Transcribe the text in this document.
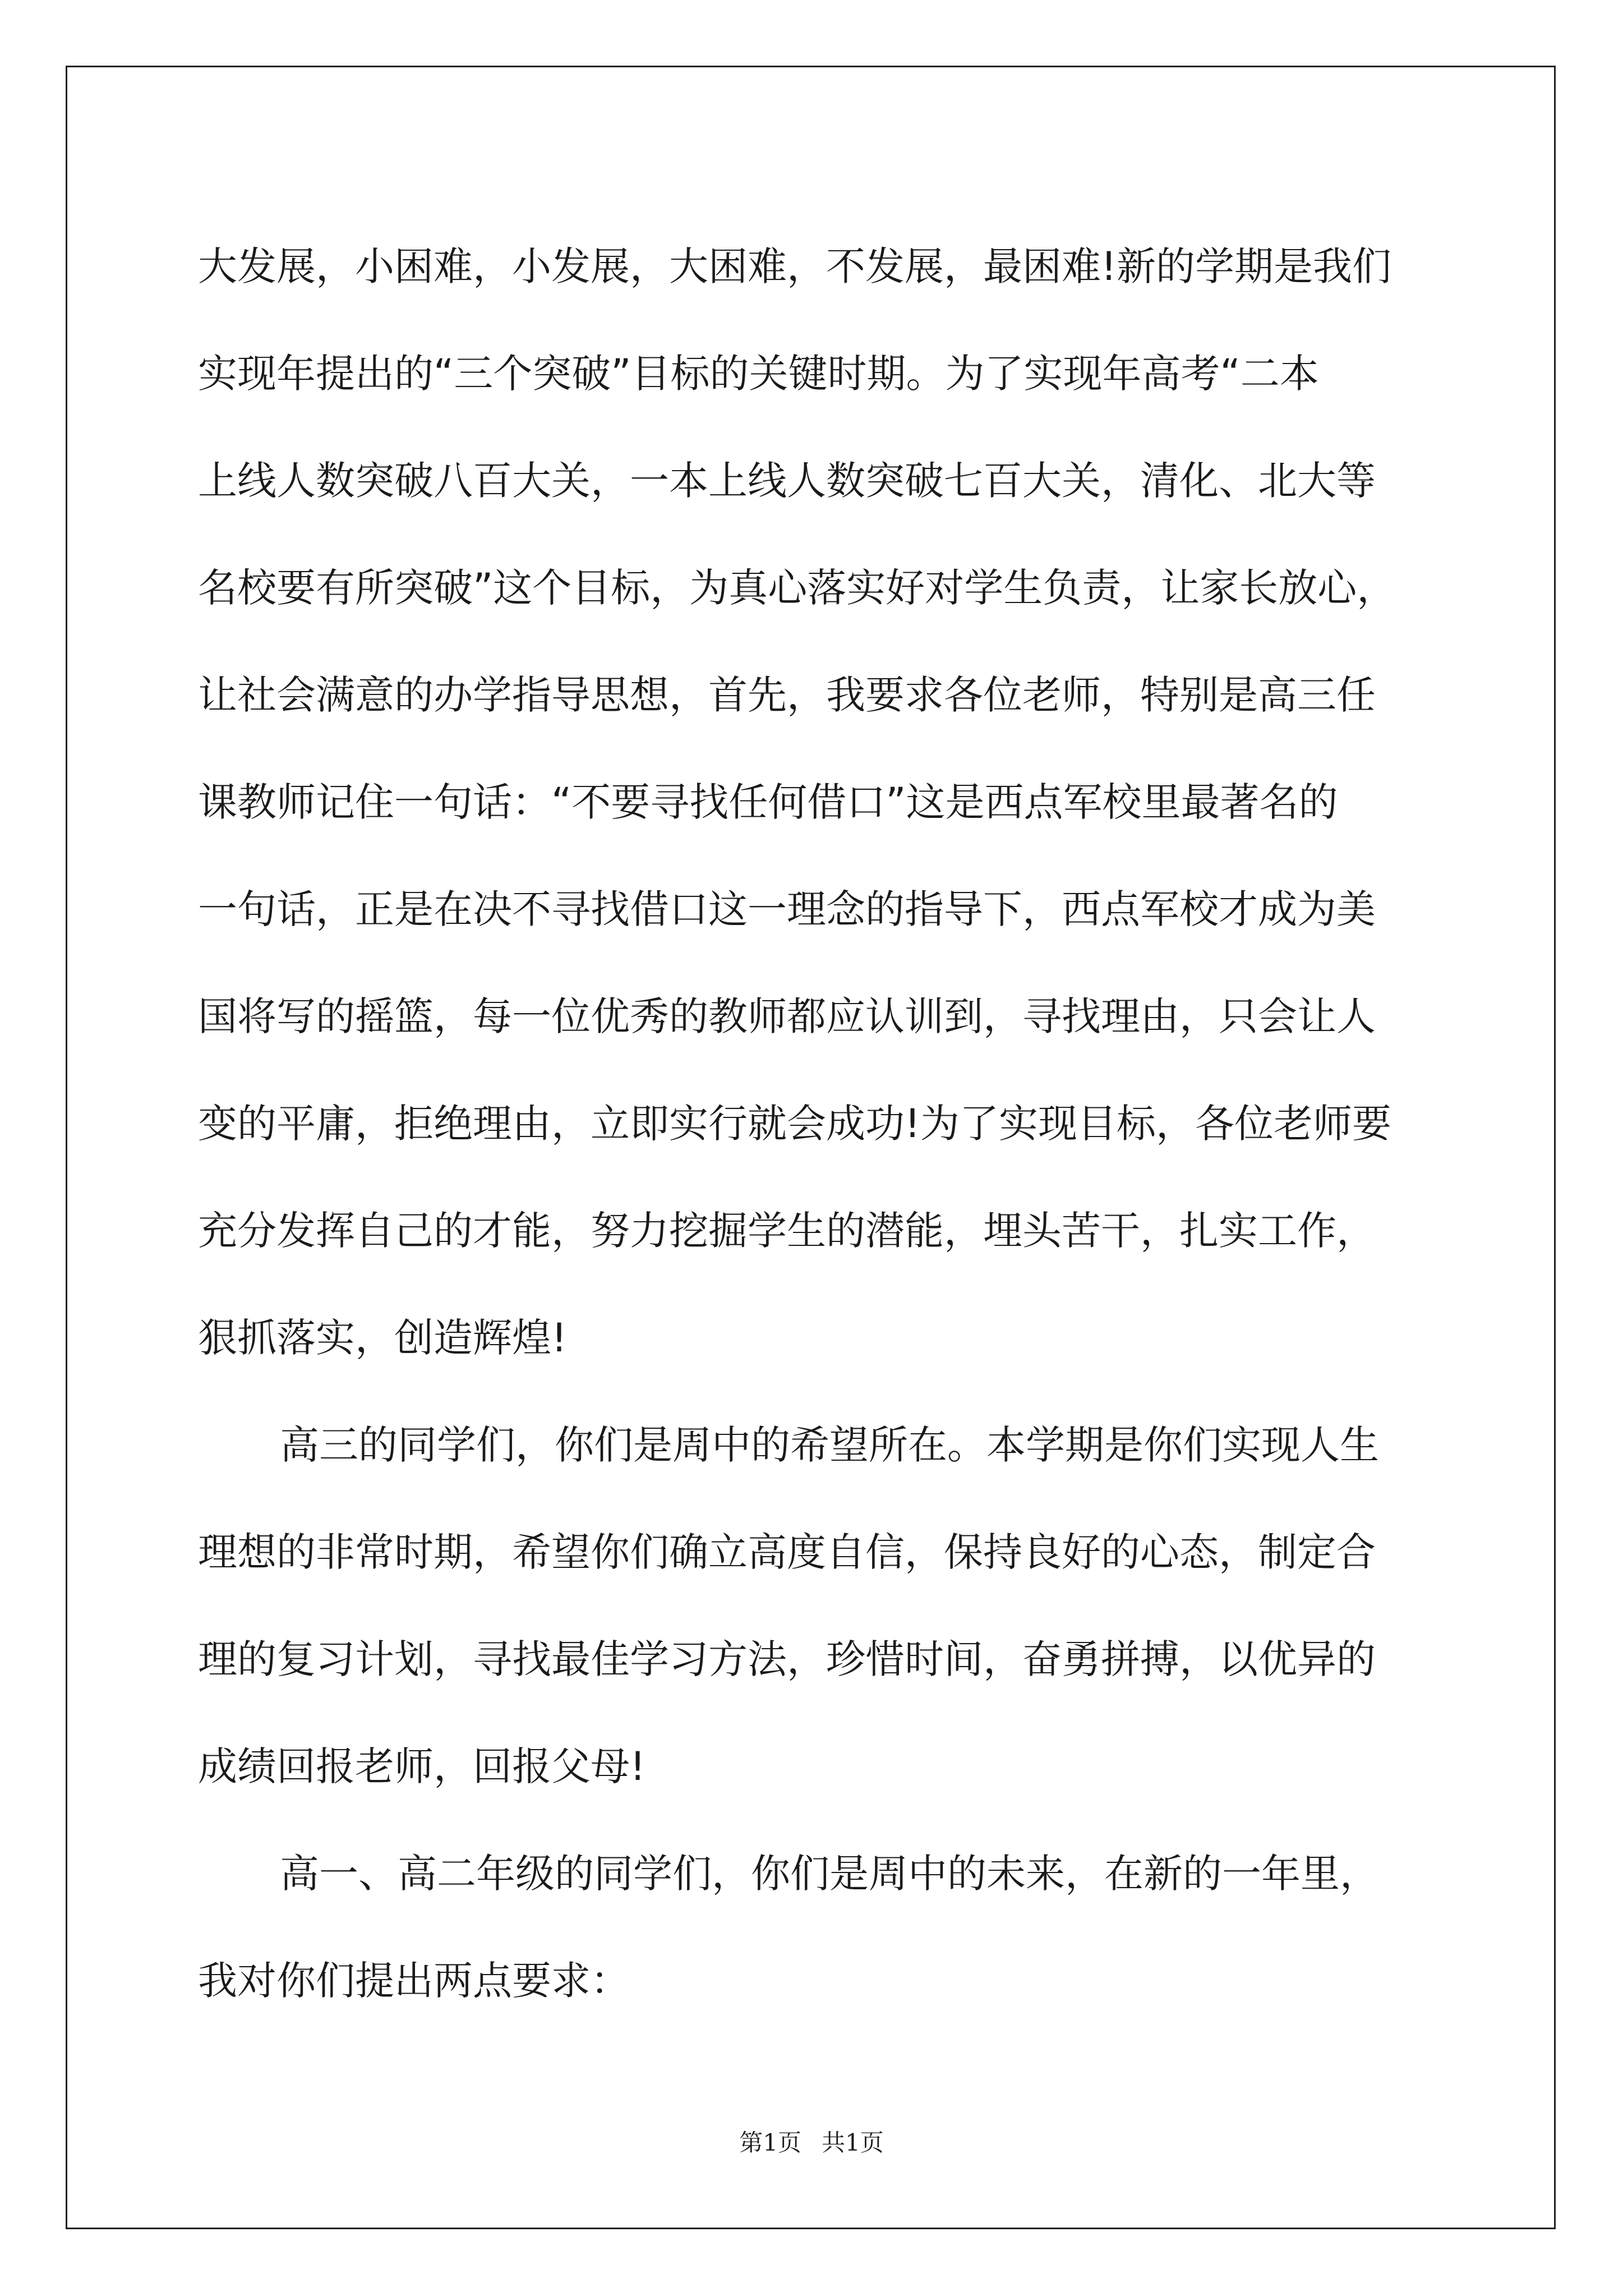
大发展，小困难，小发展，大困难，不发展，最困难!新的学期是我们
实现年提出的“三个突破”目标的关键时期。为了实现年高考“二本
上线人数突破八百大关，一本上线人数突破七百大关，清化、北大等
名校要有所突破”这个目标，为真心落实好对学生负责，让家长放心，
让社会满意的办学指导思想，首先，我要求各位老师，特别是高三任
课教师记住一句话：“不要寻找任何借口”这是西点军校里最著名的
一句话，正是在决不寻找借口这一理念的指导下，西点军校才成为美
国将写的摇篮，每一位优秀的教师都应认训到，寻找理由，只会让人
变的平庸，拒绝理由，立即实行就会成功!为了实现目标，各位老师要
充分发挥自己的才能，努力挖掘学生的潜能，埋头苦干，扎实工作，
狠抓落实，创造辉煌!
高三的同学们，你们是周中的希望所在。本学期是你们实现人生
理想的非常时期，希望你们确立高度自信，保持良好的心态，制定合
理的复习计划，寻找最佳学习方法，珍惜时间，奋勇拼搏，以优异的
成绩回报老师，回报父母!
高一、高二年级的同学们，你们是周中的未来，在新的一年里，
我对你们提出两点要求：
第1页 共1页
